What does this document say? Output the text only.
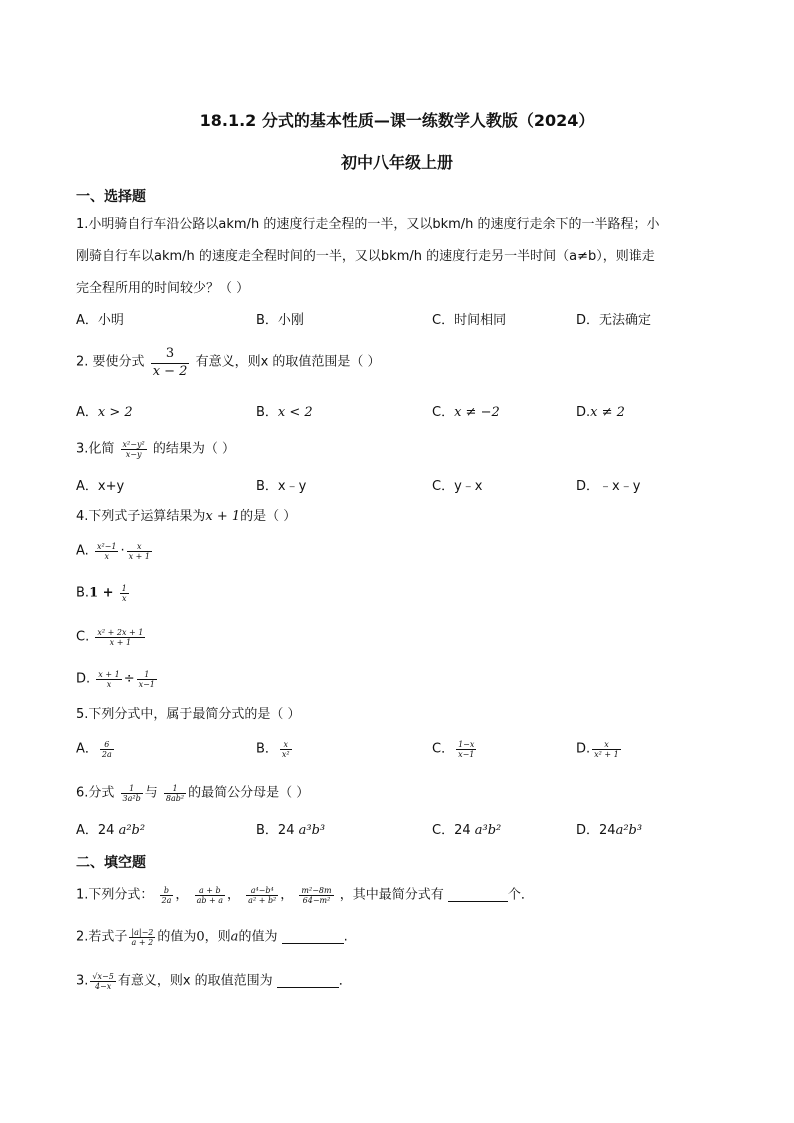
18.1.2 分式的基本性质—课一练数学人教版（2024）
初中八年级上册
一、选择题
1.小明骑自行车沿公路以akm/h 的速度行走全程的一半，又以bkm/h 的速度行走余下的一半路程；小
刚骑自行车以akm/h 的速度走全程时间的一半，又以bkm/h 的速度行走另一半时间（a≠b），则谁走
完全程所用的时间较少？（ ）
A．小明	B．小刚	C．时间相同	D．无法确定
2. 要使分式 $\frac{3}{x - 2}$ 有意义，则x 的取值范围是（ ）
A．x > 2	B．x < 2	C．x ≠ −2	D.x ≠ 2
3.化简 $\frac{\text{x²−y²}}{x-y}$ 的结果为（ ）
A．x+y	B．x﹣y	C．y﹣x	D．﹣x﹣y
4.下列式子运算结果为x + 1的是（ ）
A. $\frac{\text{x²−1}}{x} \cdot \frac{x}{x + 1}$
$B.1 + \frac{1}{x}$
C. $\frac{\text{x² + 2x + 1}}{x + 1}$
D. $\frac{x + 1}{x} \div \frac{1}{x-1}$
5.下列分式中，属于最简分式的是（ ）
A． $\frac{6}{2a}$	B． $\frac{x}{\text{x²}}$	C． $\frac{1-x}{x-1}$	D. $\frac{x}{\text{x² + 1}}$
6.分式 $\frac{1}{\text{3a²b}}$ 与 $\frac{1}{\text{8ab²}}$ 的最简公分母是（ ）
A．24 a²b²	B．24 a³b³	C．24 a³b²	D．24a²b³
二、填空题
1.下列分式： $\frac{b}{2a}$ ， $\frac{a + b}{ab + a}$ ， $\frac{\text{a⁴−b⁴}}{\text{a² + b²}}$ ， $\frac{\text{m²−8m}}{\text{64−m²}}$ ，其中最简分式有	个．
2.若式子 $\frac{|a|-2}{a + 2}$ 的值为0，则a的值为	.
3. $\frac{√x-5}{4-x}$ 有意义，则x 的取值范围为	．
